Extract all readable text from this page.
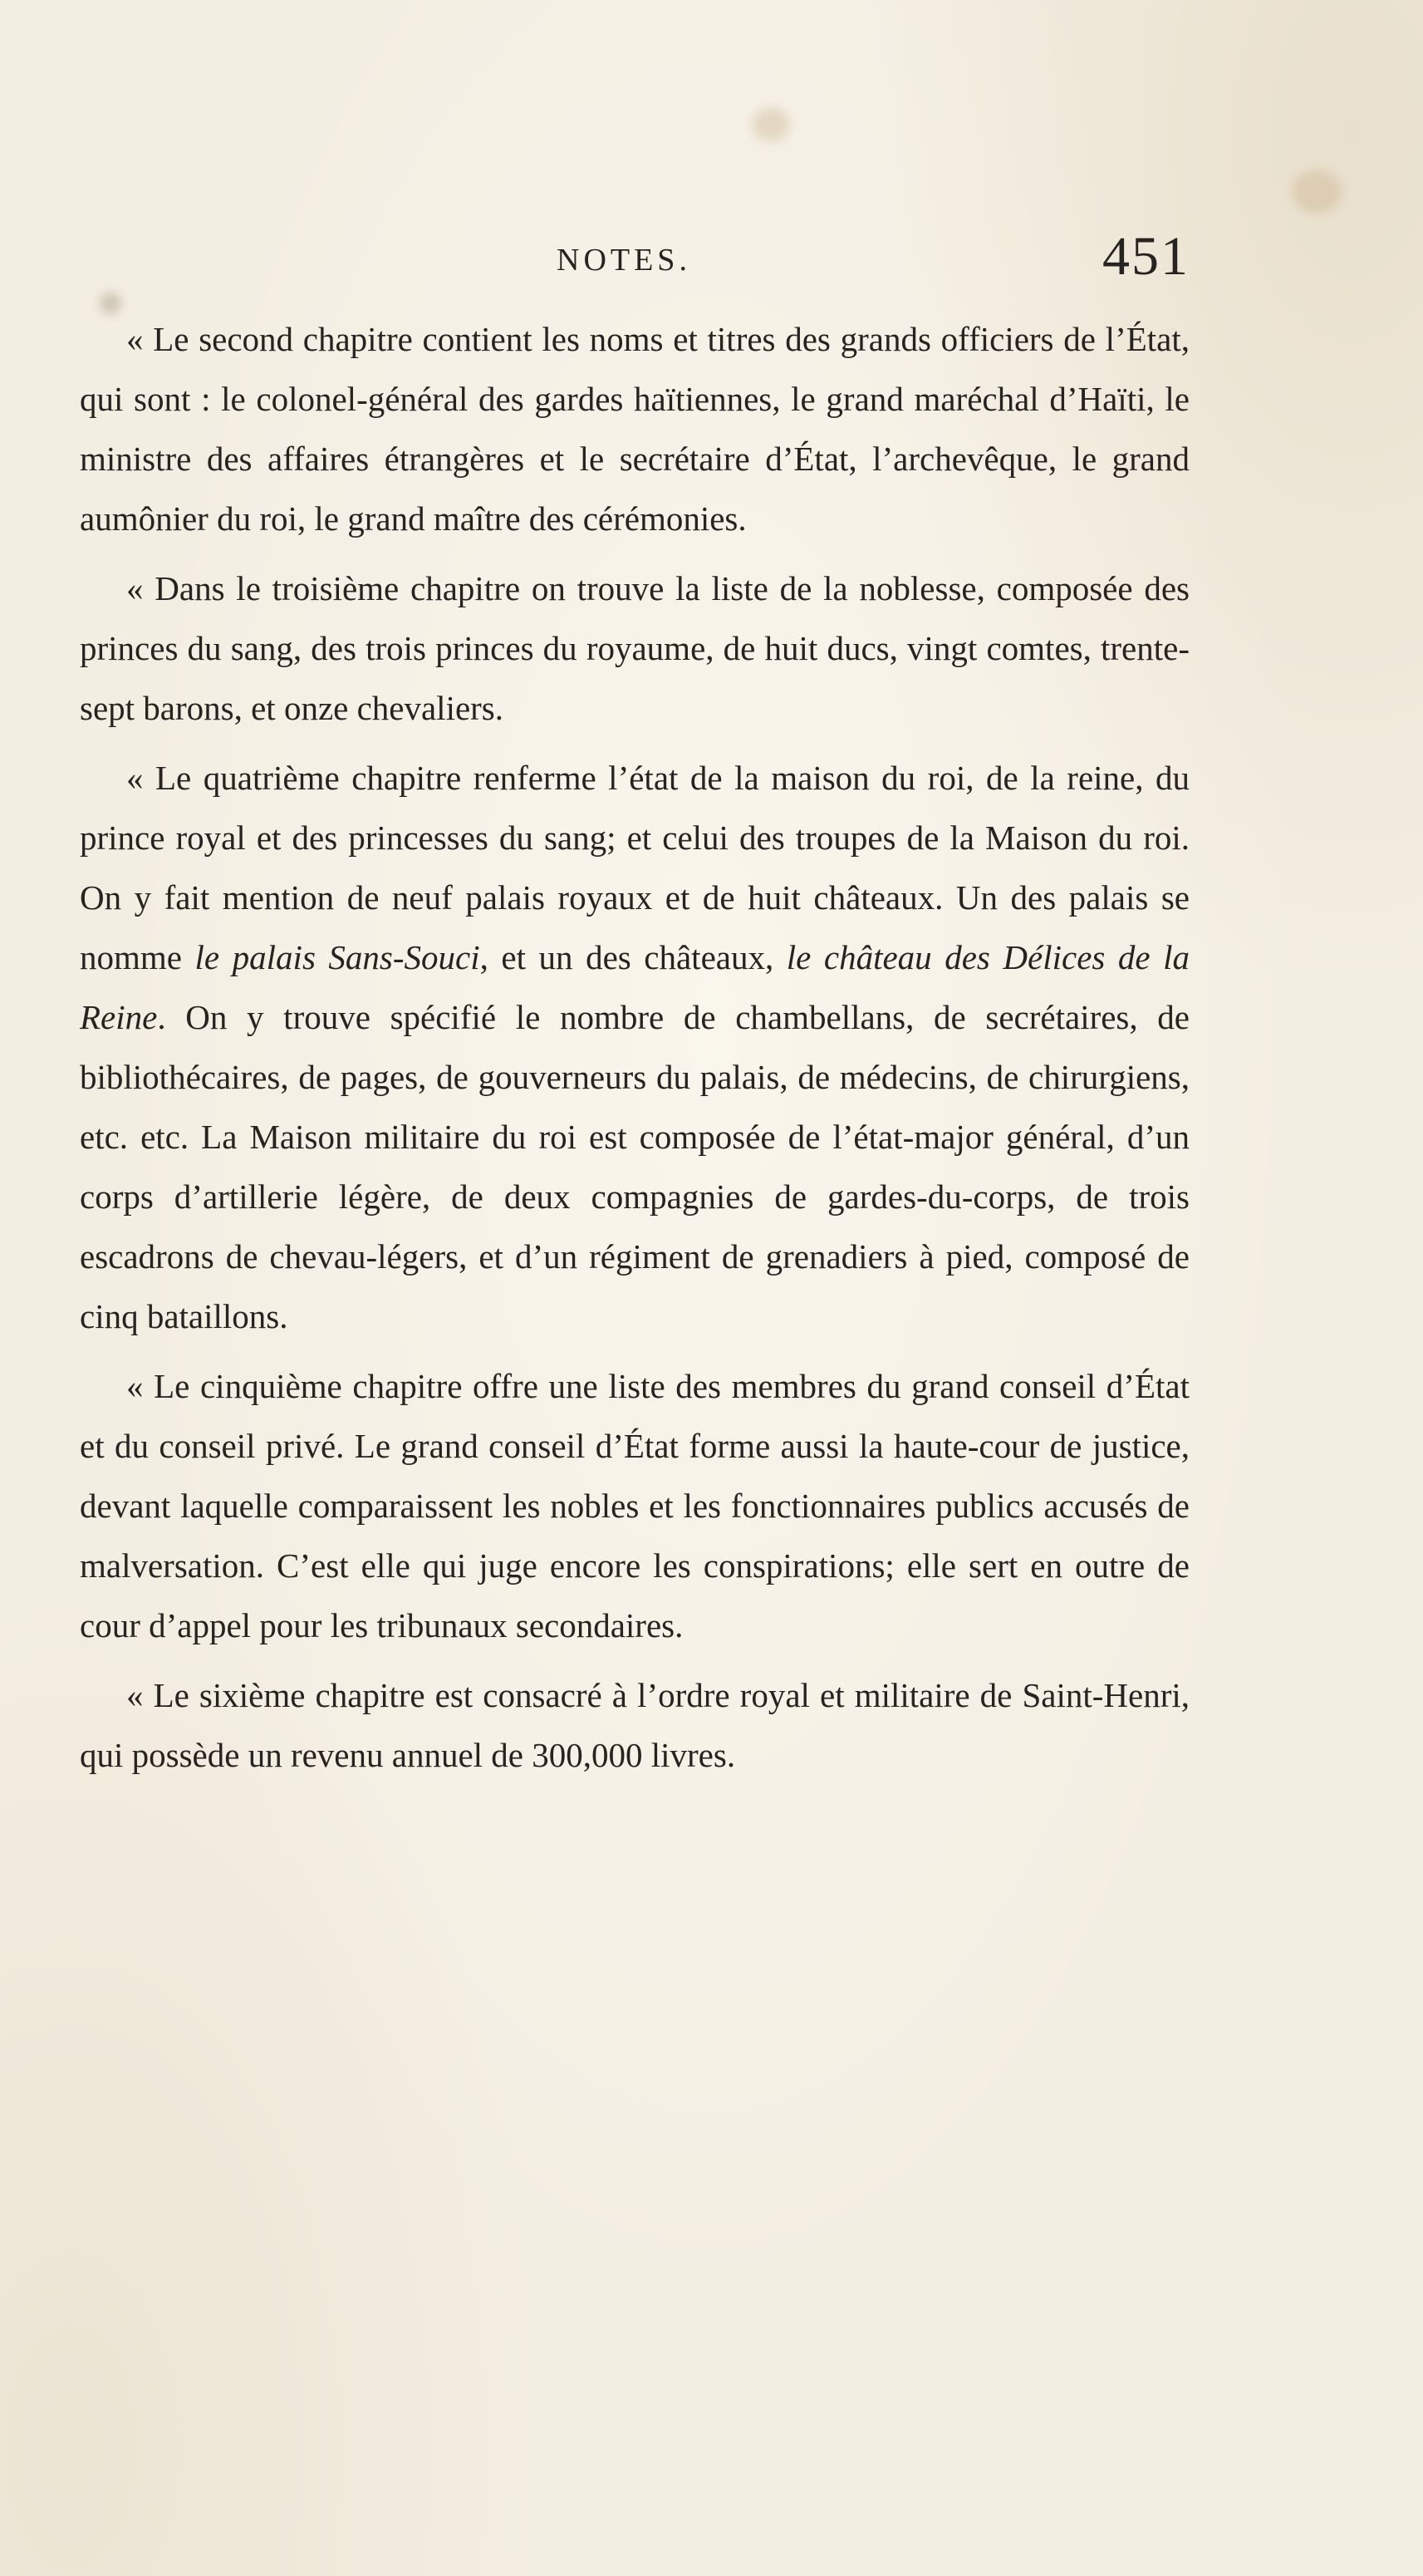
NOTES.	451

« Le second chapitre contient les noms et titres des grands officiers de l’État, qui sont : le colonel-général des gardes haïtiennes, le grand maréchal d’Haïti, le ministre des affaires étrangères et le secrétaire d’État, l’archevêque, le grand aumônier du roi, le grand maître des cérémonies.

« Dans le troisième chapitre on trouve la liste de la noblesse, composée des princes du sang, des trois princes du royaume, de huit ducs, vingt comtes, trente-sept barons, et onze chevaliers.

« Le quatrième chapitre renferme l’état de la maison du roi, de la reine, du prince royal et des princesses du sang; et celui des troupes de la Maison du roi. On y fait mention de neuf palais royaux et de huit châteaux. Un des palais se nomme le palais Sans-Souci, et un des châteaux, le château des Délices de la Reine. On y trouve spécifié le nombre de chambellans, de secrétaires, de bibliothécaires, de pages, de gouverneurs du palais, de médecins, de chirurgiens, etc. etc. La Maison militaire du roi est composée de l’état-major général, d’un corps d’artillerie légère, de deux compagnies de gardes-du-corps, de trois escadrons de chevau-légers, et d’un régiment de grenadiers à pied, composé de cinq bataillons.

« Le cinquième chapitre offre une liste des membres du grand conseil d’État et du conseil privé. Le grand conseil d’État forme aussi la haute-cour de justice, devant laquelle comparaissent les nobles et les fonctionnaires publics accusés de malversation. C’est elle qui juge encore les conspirations; elle sert en outre de cour d’appel pour les tribunaux secondaires.

« Le sixième chapitre est consacré à l’ordre royal et militaire de Saint-Henri, qui possède un revenu annuel de 300,000 livres.
